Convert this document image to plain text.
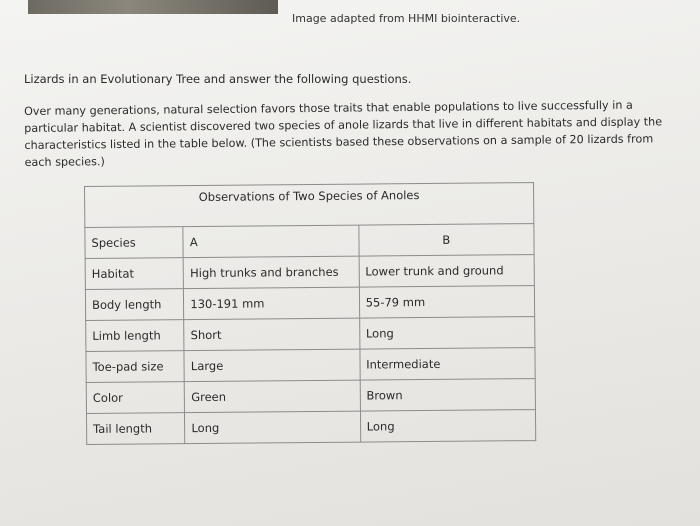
Image adapted from HHMI biointeractive.
Lizards in an Evolutionary Tree and answer the following questions.
Over many generations, natural selection favors those traits that enable populations to live successfully in a particular habitat. A scientist discovered two species of anole lizards that live in different habitats and display the characteristics listed in the table below. (The scientists based these observations on a sample of 20 lizards from each species.)
Observations of Two Species of Anoles		
Species	A	B
Habitat	High trunks and branches	Lower trunk and ground
Body length	130-191 mm	55-79 mm
Limb length	Short	Long
Toe-pad size	Large	Intermediate
Color	Green	Brown
Tail length	Long	Long
